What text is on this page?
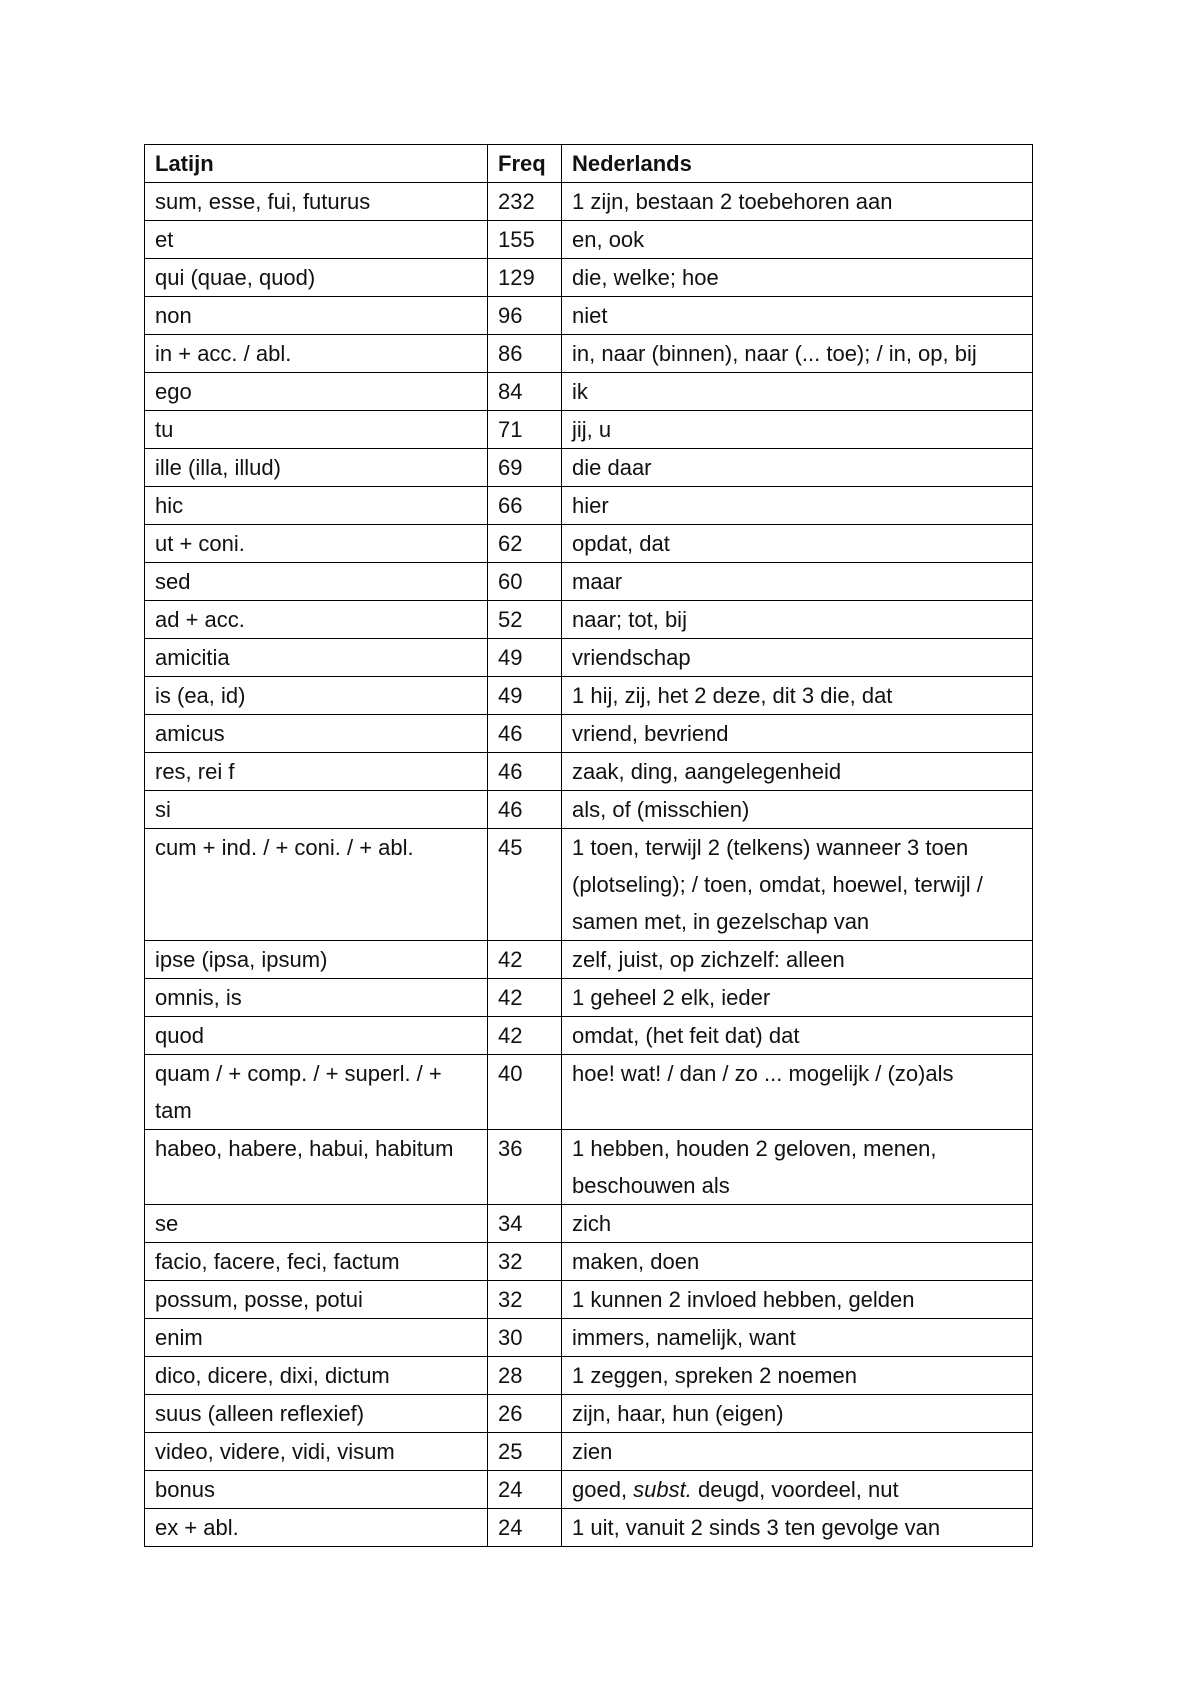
Latijn	Freq	Nederlands
sum, esse, fui, futurus	232	1 zijn, bestaan 2 toebehoren aan
et	155	en, ook
qui (quae, quod)	129	die, welke; hoe
non	96	niet
in + acc. / abl.	86	in, naar (binnen), naar (... toe); / in, op, bij
ego	84	ik
tu	71	jij, u
ille (illa, illud)	69	die daar
hic	66	hier
ut + coni.	62	opdat, dat
sed	60	maar
ad + acc.	52	naar; tot, bij
amicitia	49	vriendschap
is (ea, id)	49	1 hij, zij, het 2 deze, dit 3 die, dat
amicus	46	vriend, bevriend
res, rei f	46	zaak, ding, aangelegenheid
si	46	als, of (misschien)
cum + ind. / + coni. / + abl.	45	1 toen, terwijl 2 (telkens) wanneer 3 toen (plotseling); / toen, omdat, hoewel, terwijl / samen met, in gezelschap van
ipse (ipsa, ipsum)	42	zelf, juist, op zichzelf: alleen
omnis, is	42	1 geheel 2 elk, ieder
quod	42	omdat, (het feit dat) dat
quam / + comp. / + superl. / + tam	40	hoe! wat! / dan / zo ... mogelijk / (zo)als
habeo, habere, habui, habitum	36	1 hebben, houden 2 geloven, menen, beschouwen als
se	34	zich
facio, facere, feci, factum	32	maken, doen
possum, posse, potui	32	1 kunnen 2 invloed hebben, gelden
enim	30	immers, namelijk, want
dico, dicere, dixi, dictum	28	1 zeggen, spreken 2 noemen
suus (alleen reflexief)	26	zijn, haar, hun (eigen)
video, videre, vidi, visum	25	zien
bonus	24	goed, subst. deugd, voordeel, nut
ex + abl.	24	1 uit, vanuit 2 sinds 3 ten gevolge van
